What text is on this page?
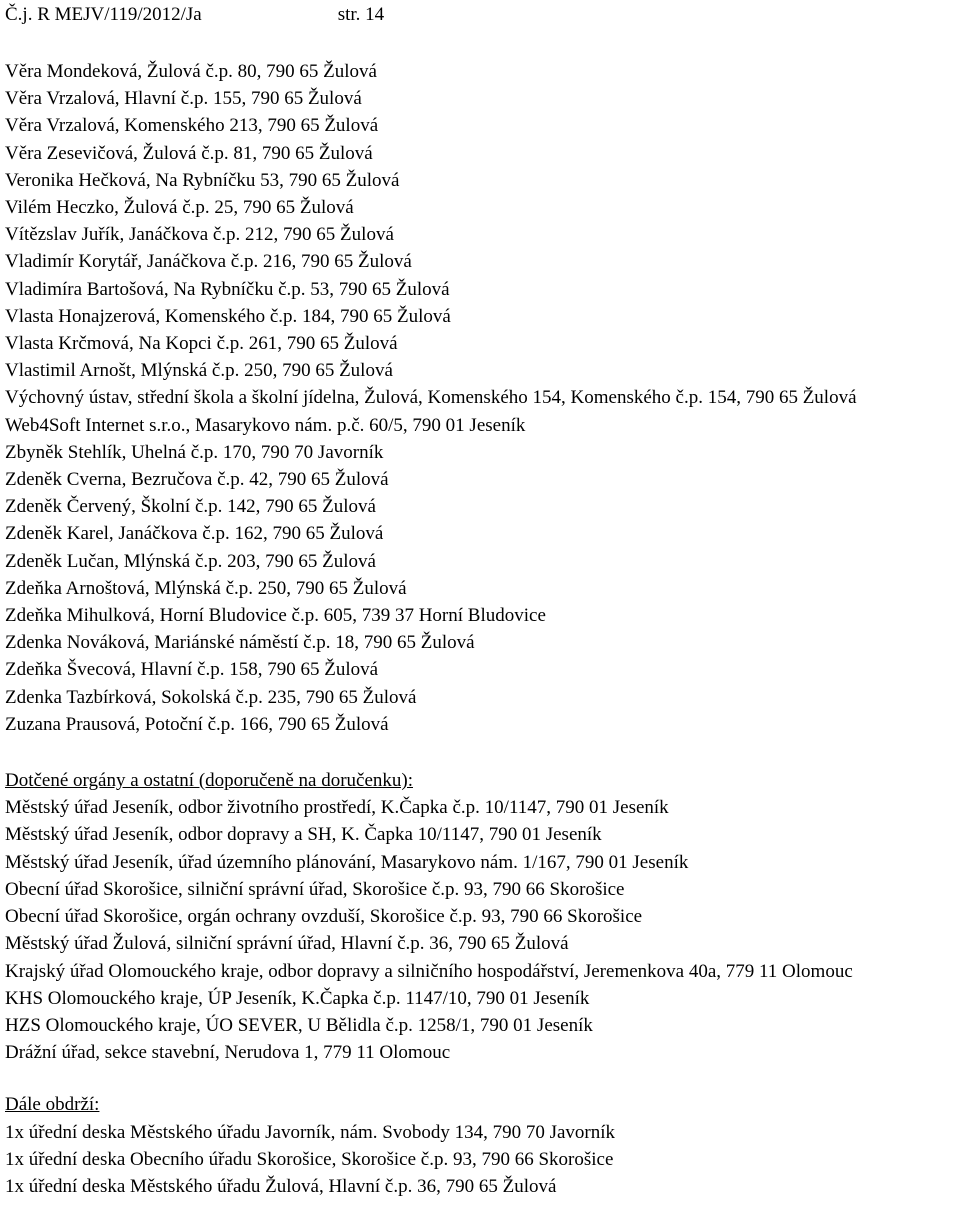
Č.j. R MEJV/119/2012/Ja	str. 14
Věra Mondeková, Žulová č.p. 80, 790 65 Žulová
Věra Vrzalová, Hlavní č.p. 155, 790 65 Žulová
Věra Vrzalová, Komenského 213, 790 65 Žulová
Věra Zesevičová, Žulová č.p. 81, 790 65 Žulová
Veronika Hečková, Na Rybníčku 53, 790 65 Žulová
Vilém Heczko, Žulová č.p. 25, 790 65 Žulová
Vítězslav Juřík, Janáčkova č.p. 212, 790 65 Žulová
Vladimír Korytář, Janáčkova č.p. 216, 790 65 Žulová
Vladimíra Bartošová, Na Rybníčku č.p. 53, 790 65 Žulová
Vlasta Honajzerová, Komenského č.p. 184, 790 65 Žulová
Vlasta Krčmová, Na Kopci č.p. 261, 790 65 Žulová
Vlastimil Arnošt, Mlýnská č.p. 250, 790 65 Žulová
Výchovný ústav, střední škola a školní jídelna, Žulová, Komenského 154, Komenského č.p. 154, 790 65 Žulová
Web4Soft Internet s.r.o., Masarykovo nám. p.č. 60/5, 790 01 Jeseník
Zbyněk Stehlík, Uhelná č.p. 170, 790 70 Javorník
Zdeněk Cverna, Bezručova č.p. 42, 790 65 Žulová
Zdeněk Červený, Školní č.p. 142, 790 65 Žulová
Zdeněk Karel, Janáčkova č.p. 162, 790 65 Žulová
Zdeněk Lučan, Mlýnská č.p. 203, 790 65 Žulová
Zdeňka Arnoštová, Mlýnská č.p. 250, 790 65 Žulová
Zdeňka Mihulková, Horní Bludovice č.p. 605, 739 37 Horní Bludovice
Zdenka Nováková, Mariánské náměstí č.p. 18, 790 65 Žulová
Zdeňka Švecová, Hlavní č.p. 158, 790 65 Žulová
Zdenka Tazbírková, Sokolská č.p. 235, 790 65 Žulová
Zuzana Prausová, Potoční č.p. 166, 790 65 Žulová
Dotčené orgány a ostatní (doporučeně na doručenku):
Městský úřad Jeseník, odbor životního prostředí, K.Čapka č.p. 10/1147, 790 01 Jeseník
Městský úřad Jeseník, odbor dopravy a SH, K. Čapka 10/1147, 790 01 Jeseník
Městský úřad Jeseník, úřad územního plánování, Masarykovo nám. 1/167, 790 01 Jeseník
Obecní úřad Skorošice, silniční správní úřad, Skorošice č.p. 93, 790 66 Skorošice
Obecní úřad Skorošice, orgán ochrany ovzduší, Skorošice č.p. 93, 790 66 Skorošice
Městský úřad Žulová, silniční správní úřad, Hlavní č.p. 36, 790 65 Žulová
Krajský úřad Olomouckého kraje, odbor dopravy a silničního hospodářství, Jeremenkova 40a, 779 11 Olomouc
KHS Olomouckého kraje, ÚP Jeseník, K.Čapka č.p. 1147/10, 790 01 Jeseník
HZS Olomouckého kraje, ÚO SEVER, U Bělidla č.p. 1258/1, 790 01 Jeseník
Drážní úřad, sekce stavební, Nerudova 1, 779 11 Olomouc
Dále obdrží:
1x úřední deska Městského úřadu Javorník, nám. Svobody 134, 790 70 Javorník
1x úřední deska Obecního úřadu Skorošice, Skorošice č.p. 93, 790 66 Skorošice
1x úřední deska Městského úřadu Žulová, Hlavní č.p. 36, 790 65 Žulová
